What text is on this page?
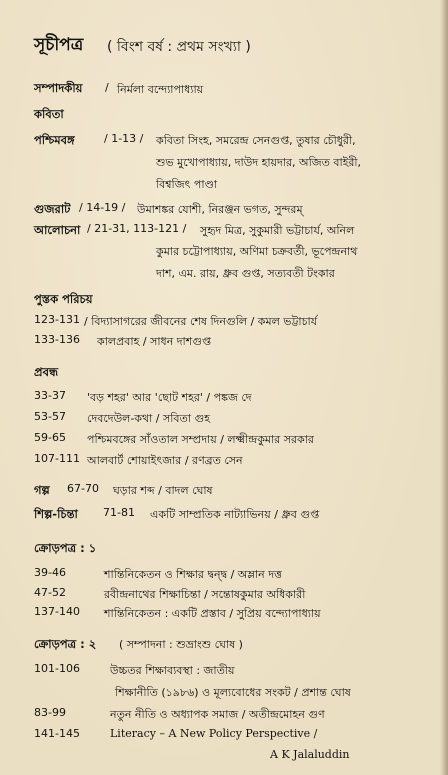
সূচীপত্র ( বিংশ বর্ষ : প্রথম সংখ্যা )
সম্পাদকীয় / নির্মলা বন্দ্যোপাধ্যায়
কবিতা
পশ্চিমবঙ্গ	/ 1-13 / কবিতা সিংহ, সমরেন্দ্র সেনগুপ্ত, তুষার চৌধুরী,
শুভ মুখোপাধ্যায়, দাউদ হায়দার, অজিত বাইরী,
বিশ্বজিৎ পাণ্ডা
গুজরাট / 14-19 / উমাশঙ্কর যোশী, নিরঞ্জন ভগত, সুন্দরম্
আলোচনা / 21-31, 113-121 / সুহৃদ মিত্র, সুকুমারী ভট্টাচার্য, অনিল
কুমার চট্টোপাধ্যায়, অণিমা চক্রবর্তী, ভূপেন্দ্রনাথ
দাশ, এম. রায়, ধ্রুব গুপ্ত, সত্যবতী টংকার
পুস্তক পরিচয়
123-131 / বিদ্যাসাগরের জীবনের শেষ দিনগুলি / কমল ভট্টাচার্য
133-136 কালপ্রবাহ / সাধন দাশগুপ্ত
প্রবন্ধ
33-37 'বড় শহর' আর 'ছোট শহর' / পঙ্কজ দে
53-57 দেবদেউল-কথা / সবিতা গুহ
59-65 পশ্চিমবঙ্গের সাঁওতাল সম্প্রদায় / লক্ষ্মীন্দ্রকুমার সরকার
107-111 আলবার্ট শোয়াইৎজার / রণব্রত সেন
গল্প 67-70 ঘড়ার শব্দ / বাদল ঘোষ
শিল্প-চিন্তা 71-81 একটি সাম্প্রতিক নাট্যাভিনয় / ধ্রুব গুপ্ত
ক্রোড়পত্র : ১
39-46	শান্তিনিকেতন ও শিক্ষার দ্বন্দ্ব / অম্লান দত্ত
47-52	রবীন্দ্রনাথের শিক্ষাচিন্তা / সন্তোষকুমার অধিকারী
137-140 শান্তিনিকেতন : একটি প্রস্তাব / সুপ্রিয় বন্দ্যোপাধ্যায়
ক্রোড়পত্র : ২ ( সম্পাদনা : শুভ্রাংশু ঘোষ )
101-106	উচ্চতর শিক্ষাব্যবস্থা : জাতীয়
শিক্ষানীতি (১৯৮৬) ও মূল্যবোধের সংকট / প্রশান্ত ঘোষ
83-99	নতুন নীতি ও অধ্যাপক সমাজ / অতীন্দ্রমোহন গুণ
141-145	Literacy – A New Policy Perspective /
A K Jalaluddin
